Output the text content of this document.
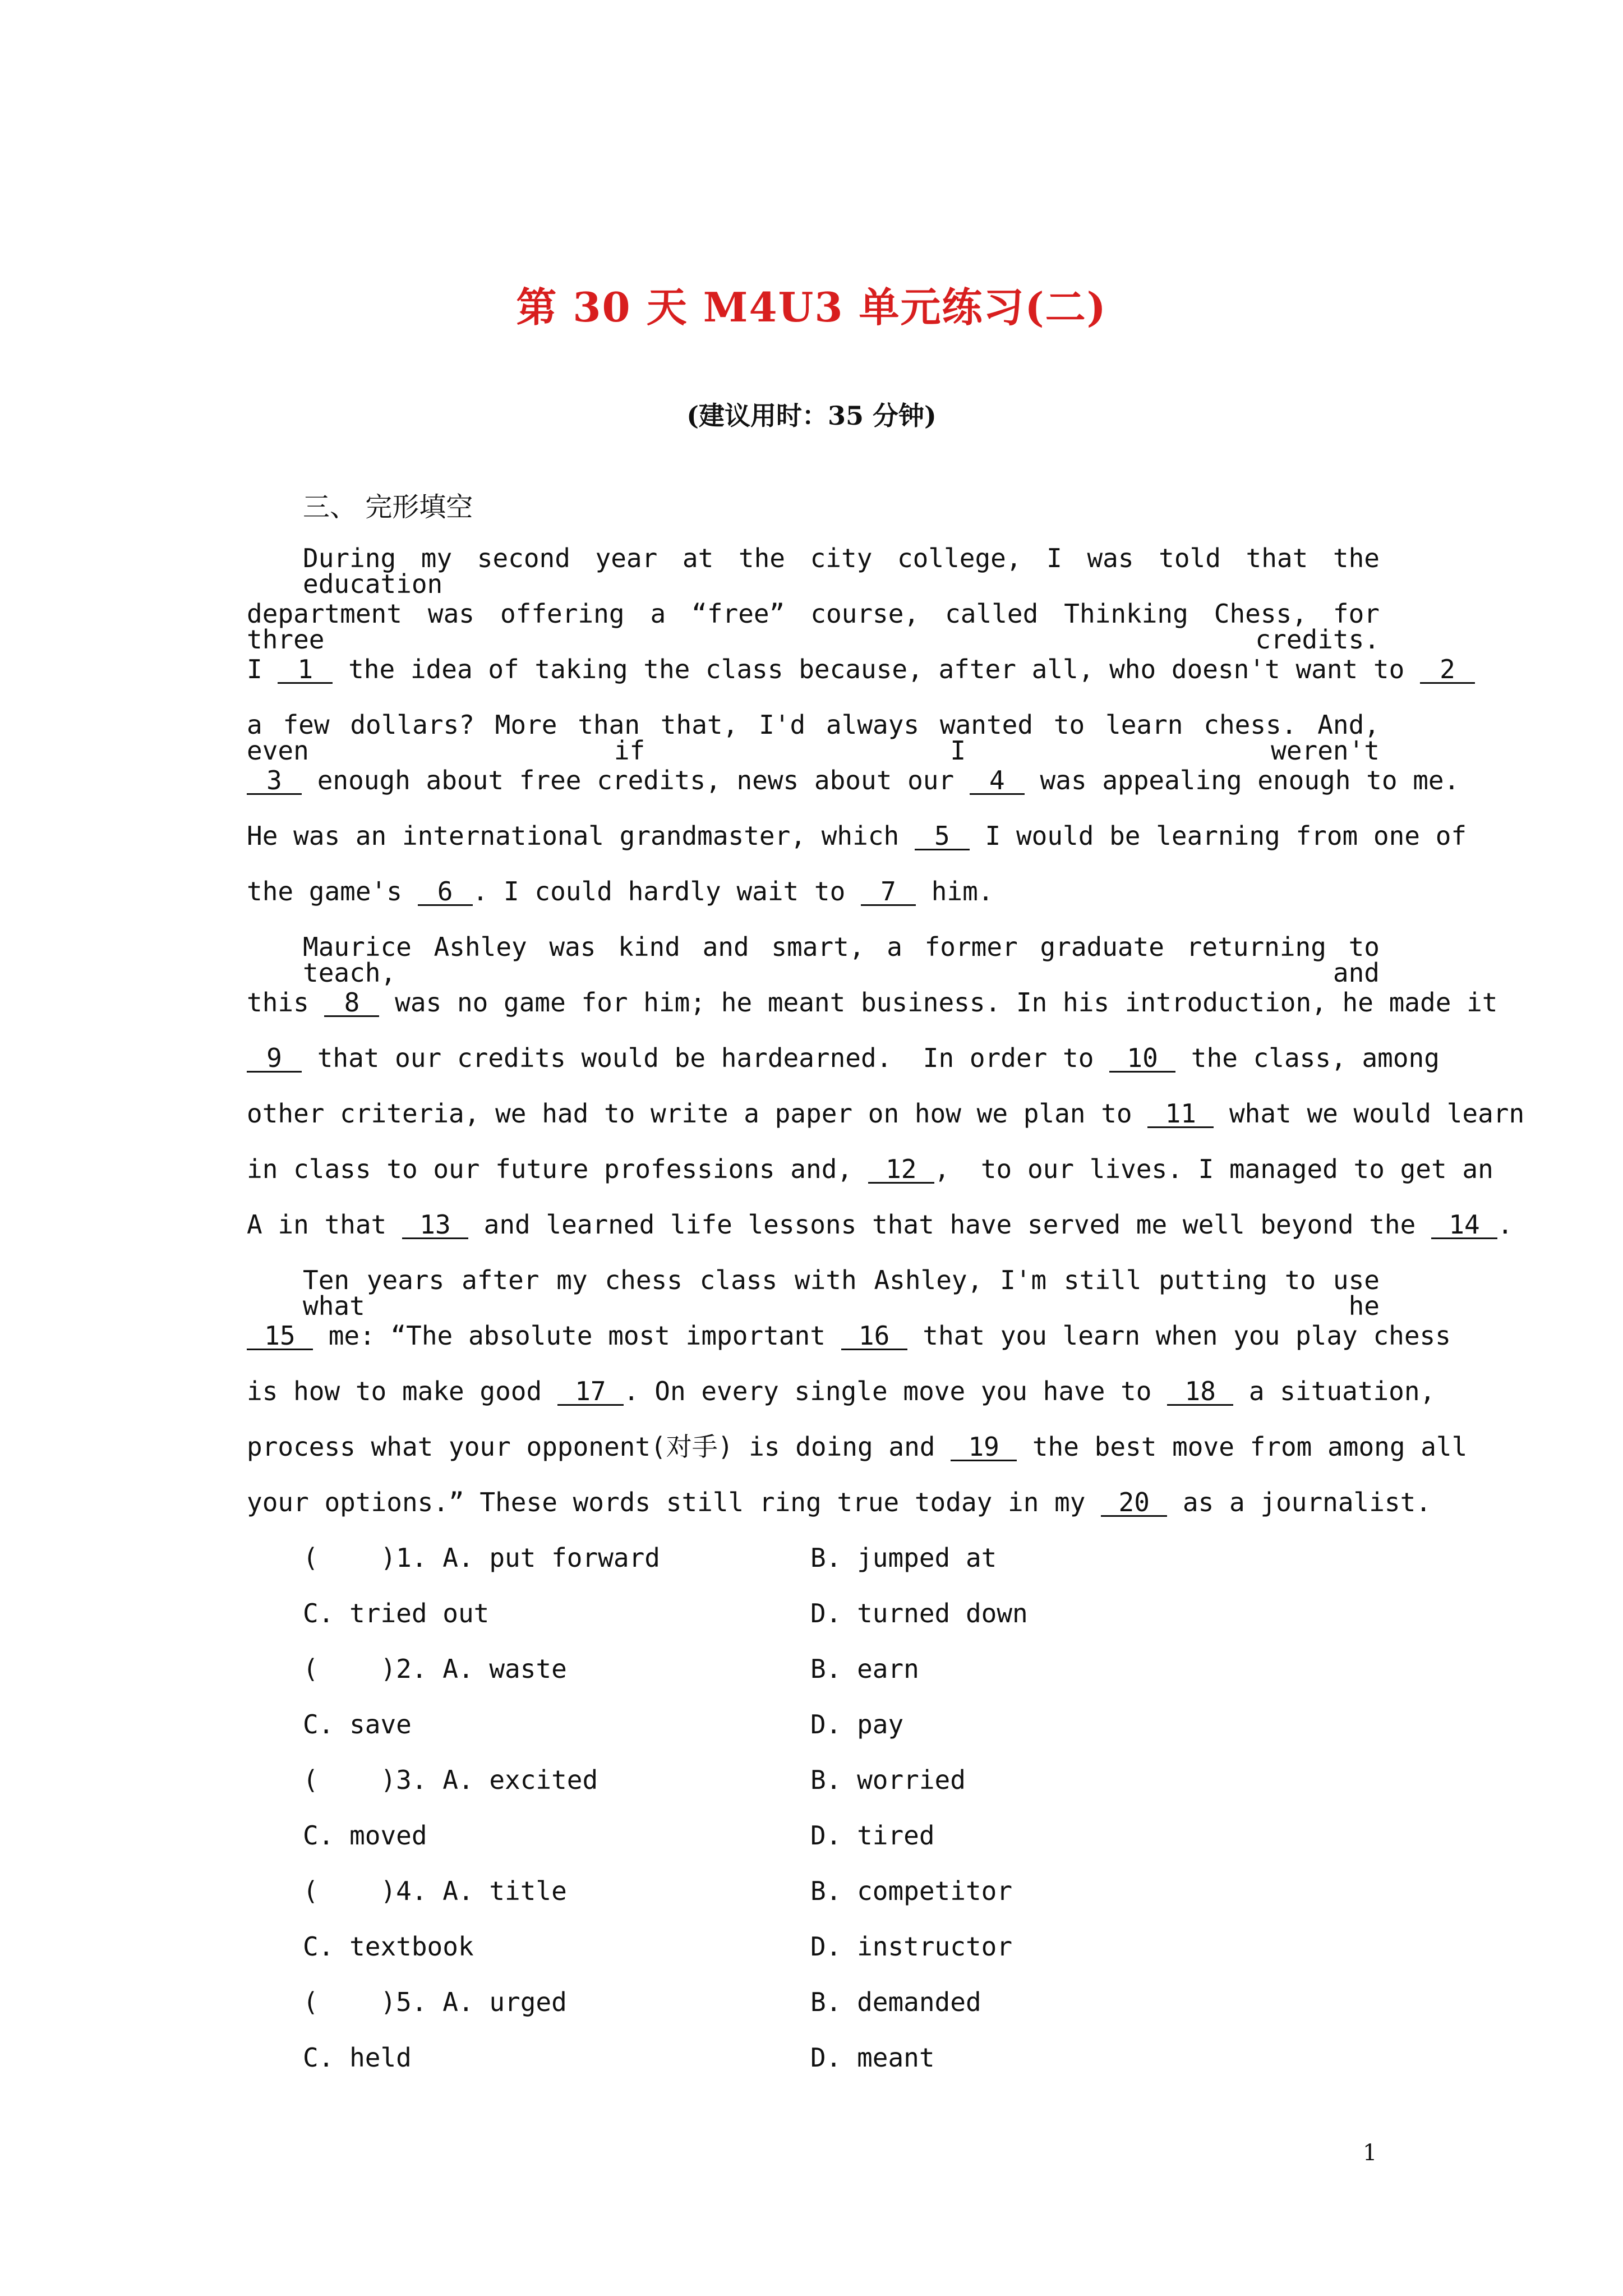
第 30 天 M4U3 单元练习(二)
(建议用时：35 分钟)
三、 完形填空
During my second year at the city college, I was told that the education
department was offering a “free” course, called Thinking Chess, for three credits.
I 1 the idea of taking the class because, after all, who doesn't want to 2
a few dollars? More than that, I'd always wanted to learn chess. And, even if I weren't
3 enough about free credits, news about our 4 was appealing enough to me.
He was an international grandmaster, which 5 I would be learning from one of
the game's 6 . I could hardly wait to 7 him.
Maurice Ashley was kind and smart, a former graduate returning to teach, and
this 8 was no game for him; he meant business. In his introduction, he made it
9 that our credits would be hardearned.  In order to 10 the class, among
other criteria, we had to write a paper on how we plan to 11 what we would learn
in class to our future professions and, 12 ,  to our lives. I managed to get an
A in that 13 and learned life lessons that have served me well beyond the 14 .
Ten years after my chess class with Ashley, I'm still putting to use what he
15 me: “The absolute most important 16 that you learn when you play chess
is how to make good 17 . On every single move you have to 18 a situation,
process what your opponent(对手) is doing and 19 the best move from among all
your options.” These words still ring true today in my 20 as a journalist.
(    )1. A. put forward	B. jumped at
C. tried out	D. turned down
(    )2. A. waste	B. earn
C. save	D. pay
(    )3. A. excited	B. worried
C. moved	D. tired
(    )4. A. title	B. competitor
C. textbook	D. instructor
(    )5. A. urged	B. demanded
C. held	D. meant
1
